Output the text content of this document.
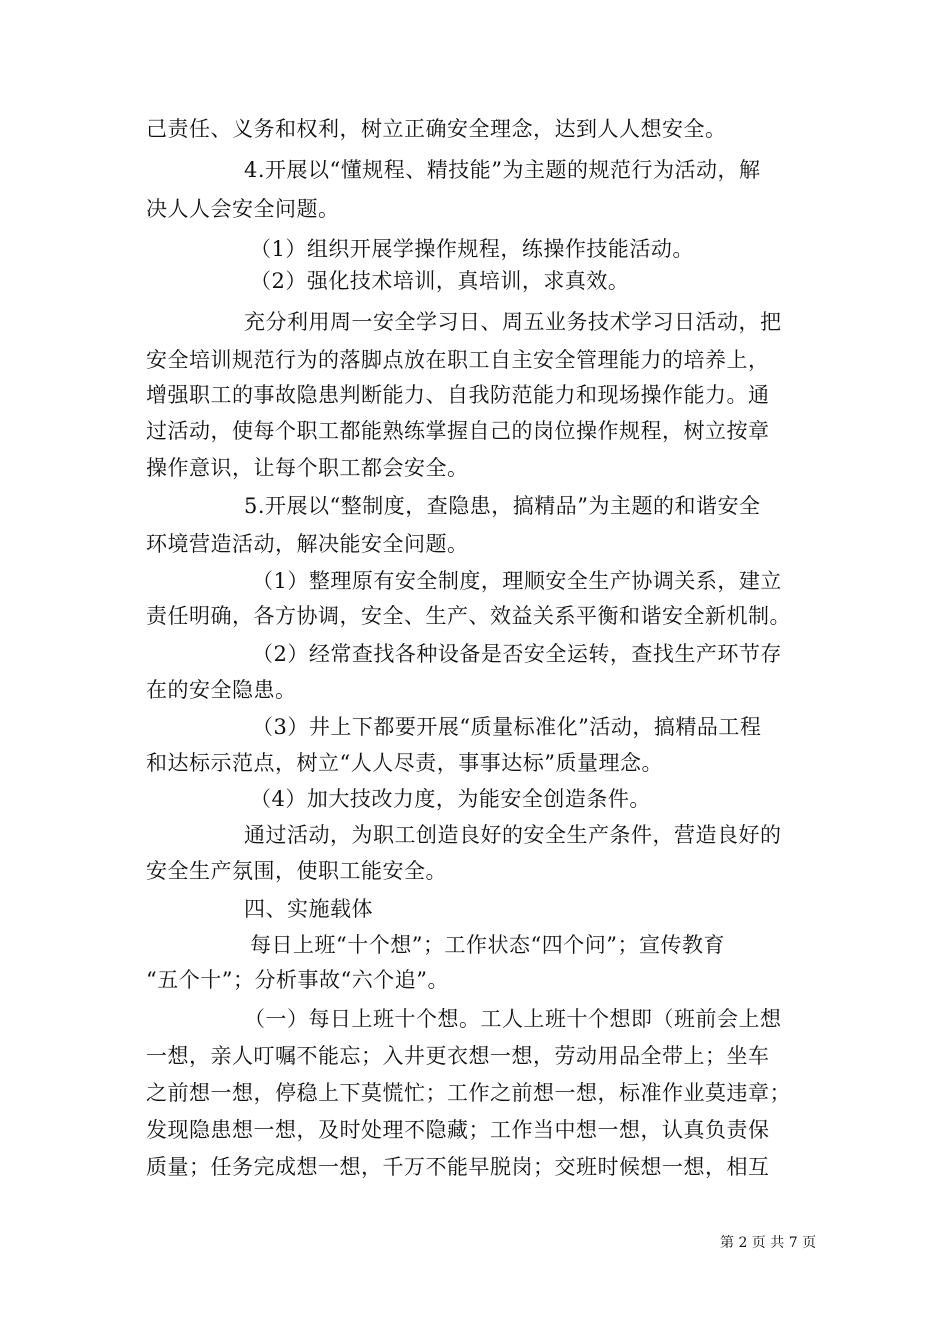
己责任、义务和权利，树立正确安全理念，达到人人想安全。
4.开展以“懂规程、精技能”为主题的规范行为活动，解
决人人会安全问题。
（1）组织开展学操作规程，练操作技能活动。
（2）强化技术培训，真培训，求真效。
充分利用周一安全学习日、周五业务技术学习日活动，把
安全培训规范行为的落脚点放在职工自主安全管理能力的培养上，
增强职工的事故隐患判断能力、自我防范能力和现场操作能力。通
过活动，使每个职工都能熟练掌握自己的岗位操作规程，树立按章
操作意识，让每个职工都会安全。
5.开展以“整制度，查隐患，搞精品”为主题的和谐安全
环境营造活动，解决能安全问题。
（1）整理原有安全制度，理顺安全生产协调关系，建立
责任明确，各方协调，安全、生产、效益关系平衡和谐安全新机制。
（2）经常查找各种设备是否安全运转，查找生产环节存
在的安全隐患。
（3）井上下都要开展“质量标准化”活动，搞精品工程
和达标示范点，树立“人人尽责，事事达标”质量理念。
（4）加大技改力度，为能安全创造条件。
通过活动，为职工创造良好的安全生产条件，营造良好的
安全生产氛围，使职工能安全。
四、实施载体
每日上班“十个想”；工作状态“四个问”；宣传教育
“五个十”；分析事故“六个追”。
（一）每日上班十个想。工人上班十个想即（班前会上想
一想，亲人叮嘱不能忘；入井更衣想一想，劳动用品全带上；坐车
之前想一想，停稳上下莫慌忙；工作之前想一想，标准作业莫违章；
发现隐患想一想，及时处理不隐藏；工作当中想一想，认真负责保
质量；任务完成想一想，千万不能早脱岗；交班时候想一想，相互
第 2 页 共 7 页
